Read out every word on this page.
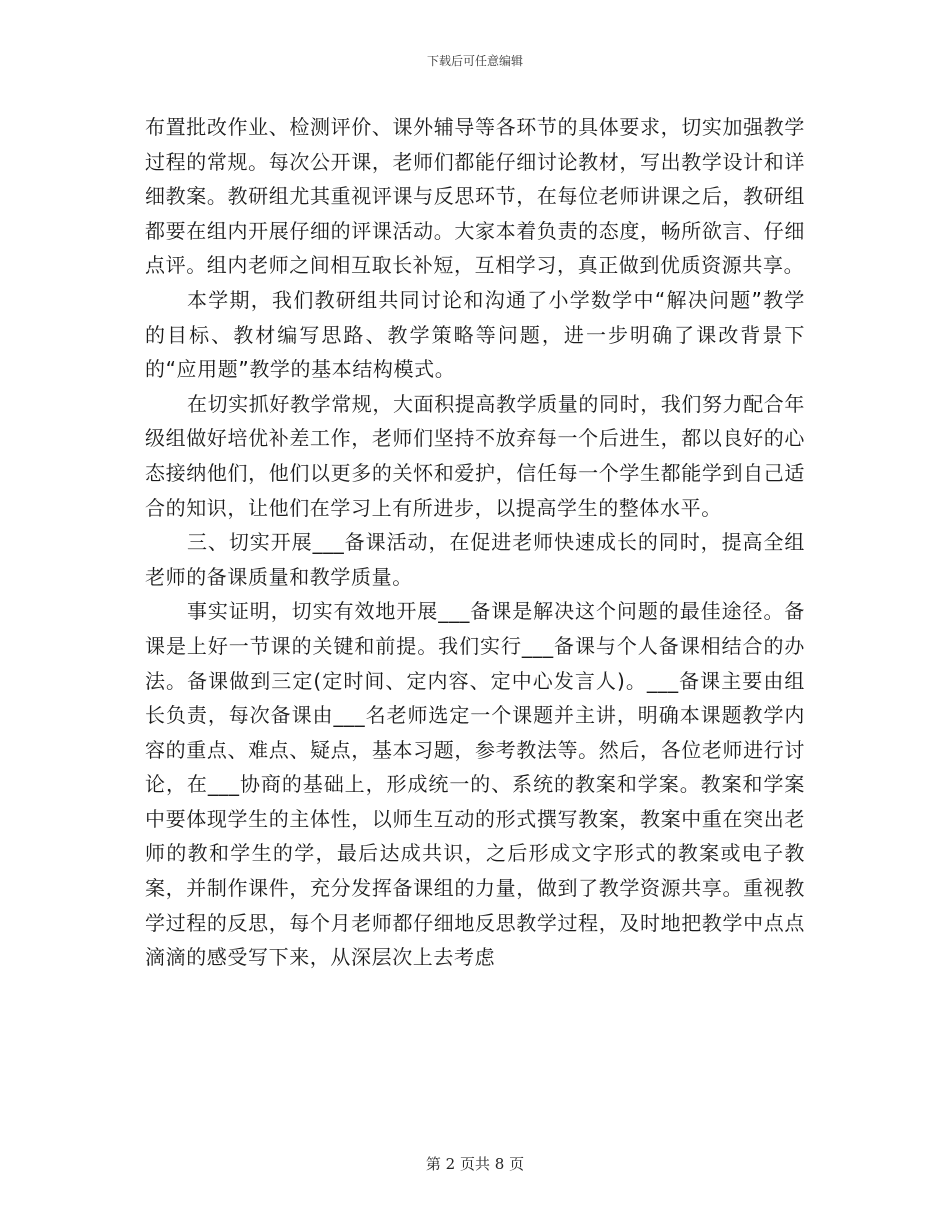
下载后可任意编辑

布置批改作业、检测评价、课外辅导等各环节的具体要求，切实加强教学过程的常规。每次公开课，老师们都能仔细讨论教材，写出教学设计和详细教案。教研组尤其重视评课与反思环节，在每位老师讲课之后，教研组都要在组内开展仔细的评课活动。大家本着负责的态度，畅所欲言、仔细点评。组内老师之间相互取长补短，互相学习，真正做到优质资源共享。

本学期，我们教研组共同讨论和沟通了小学数学中“解决问题”教学的目标、教材编写思路、教学策略等问题，进一步明确了课改背景下的“应用题”教学的基本结构模式。

在切实抓好教学常规，大面积提高教学质量的同时，我们努力配合年级组做好培优补差工作，老师们坚持不放弃每一个后进生，都以良好的心态接纳他们，他们以更多的关怀和爱护，信任每一个学生都能学到自己适合的知识，让他们在学习上有所进步，以提高学生的整体水平。

三、切实开展___备课活动，在促进老师快速成长的同时，提高全组老师的备课质量和教学质量。

事实证明，切实有效地开展___备课是解决这个问题的最佳途径。备课是上好一节课的关键和前提。我们实行___备课与个人备课相结合的办法。备课做到三定(定时间、定内容、定中心发言人)。___备课主要由组长负责，每次备课由___名老师选定一个课题并主讲，明确本课题教学内容的重点、难点、疑点，基本习题，参考教法等。然后，各位老师进行讨论，在___协商的基础上，形成统一的、系统的教案和学案。教案和学案中要体现学生的主体性，以师生互动的形式撰写教案，教案中重在突出老师的教和学生的学，最后达成共识，之后形成文字形式的教案或电子教案，并制作课件，充分发挥备课组的力量，做到了教学资源共享。重视教学过程的反思，每个月老师都仔细地反思教学过程，及时地把教学中点点滴滴的感受写下来，从深层次上去考虑

第 2 页共 8 页
